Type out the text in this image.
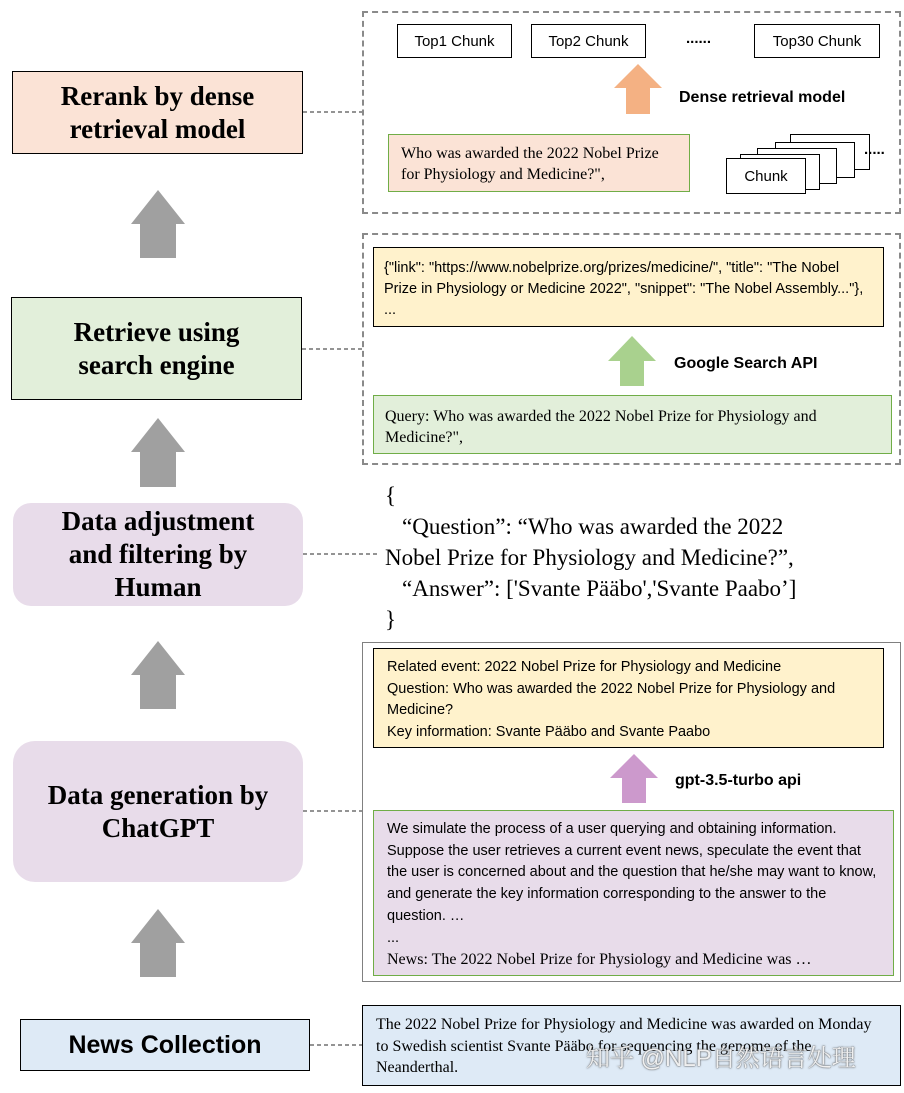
Rerank by dense
retrieval model
Retrieve using
search engine
Data adjustment
and filtering by
Human
Data generation by
ChatGPT
News Collection
Top1 Chunk	Top2 Chunk	......	Top30 Chunk
Dense retrieval model
Who was awarded the 2022 Nobel Prize for Physiology and Medicine?",	Chunk
.....
{"link": "https://www.nobelprize.org/prizes/medicine/", "title": "The Nobel Prize in Physiology or Medicine 2022", "snippet": "The Nobel Assembly..."}, ...
Google Search API
Query: Who was awarded the 2022 Nobel Prize for Physiology and Medicine?",
{
“Question”: “Who was awarded the 2022
Nobel Prize for Physiology and Medicine?”,
“Answer”: ['Svante Pääbo','Svante Paabo’]
}
Related event: 2022 Nobel Prize for Physiology and Medicine
Question: Who was awarded the 2022 Nobel Prize for Physiology and Medicine?
Key information: Svante Pääbo and Svante Paabo
gpt-3.5-turbo api
We simulate the process of a user querying and obtaining information. Suppose the user retrieves a current event news, speculate the event that the user is concerned about and the question that he/she may want to know, and generate the key information corresponding to the answer to the question. …
...
News: The 2022 Nobel Prize for Physiology and Medicine was …
The 2022 Nobel Prize for Physiology and Medicine was awarded on Monday to Swedish scientist Svante Pääbo for sequencing the genome of the Neanderthal.	知乎 @NLP自然语言处理
